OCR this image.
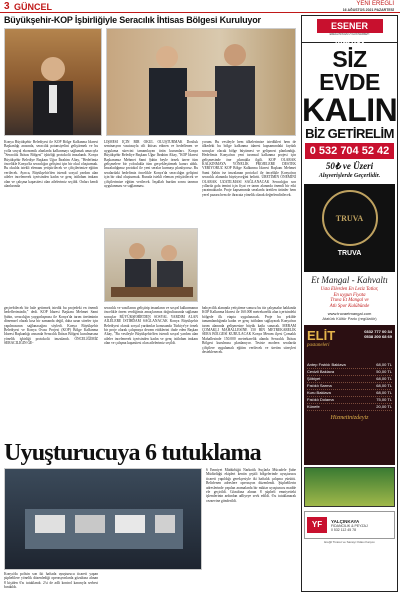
3 GÜNCEL	YENİ EREĞLİ
16 AĞUSTOS 2021 PAZARTESİ
Büyükşehir-KOP İşbirliğiyle Seracılık İhtisas Bölgesi Kuruluyor
Konya Büyükşehir Belediyesi ile KOP Bölge Kalkınma İdaresi Başkanlığı arasında, seracılık potansiyelini geliştirmek ve bu yolla sosyal ekonomik alanlarda kalkınmayı sağlamak amacıyla "Seracılık İhtisas Bölgesi" işbirliği protokolü imzalandı. Konya Büyükşehir Belediye Başkanı Uğur İbrahim Altay, "Hedefimiz öncelikle Konya'da seracılığın gelişimi için bir okul oluşturmak. Bu okulda istekli elemanı yetiştirilecek ve çiftçilerimize eğitim verilecek. Ayrıca, Büyükşehir'den istendi sosyal yardım alan aileler incelenerek içerisinden kadın ve genç istihdam imkanı olan ve çalışma kapasitesi olan ailelerimiz seçildi. Onları kendi alanlarında
LİŞMESİ İÇİN BİR OKUL OLUŞTURMAK Dostluk seminasyon vasıtasıyla cilt ihtisas edinen ve hedeflenen ve uygulama sürecini tamamlayan ürün kurumları. Konya Büyükşehir Belediye Başkanı Uğur İbrahim Altay, "KOP İdaresi Başkanımız Mehmet Sami Şahin beyle örnek üzere tüm gelişmelere bir yolculukla tüm gerçekleştirmek kararı aldık. İmzaladığımız protokol ile yeni seralar kurmayı planlıyoruz. Bu seralardaki hedefimiz öncelikle Konya'da seracılığın gelişimi için bir okul oluşturmak. Burada istekli eleman yetiştirilecek ve çiftçilerimize eğitim verilecek. İnşallah burdan sonra tarımın uygulanması ve sağlanması.
yorum. Bu vesileyle hem ülkelerimize istedikleri hem de ülkedeki bu bölge kalkınma idaresi kapsamındaki faydalı sonuçlar olacak bölge büyümesi ve gelişmesi planlandığı. Hedefimiz Konya'nın yeni tarımsal kalkınma projesi için gelişmesinde öne çıkmakla ilgili. KOP OLARAK KALKINMAYA YÖNELİK PROJELERE DESTEK VERİYORUZ KOP Bölge Kalkınma İdaresi Başkanı Mehmet Sami Şahin ise imzalanan protokol ile öncelikle Konya'nın seracılık alanında büyüyeceğini belirtti. ÜRETİMİN ÖNEMİNİ OLARAK UZATILMASI SAĞLANACAK Seracılığın son yıllarda gıda temini için fiyat ve tarım alanında önemli bir etki yaratmaktadır. Proje kapsamında seralarda üretilen ürünler hem yerel pazara hem de ihracata yönelik olarak değerlendirilecek.
geçirebilecek bir hale getirmek istedik bu projedeki en önemli hedeflerimizdir," dedi. KOP İdaresi Başkanı Mehmet Sami Şahin, seracılığın yaygınlaşması ile Konya'da tarım üretiminin dönemsel olarak kısa bir zamanda değil, daha uzun süreler için yapılmasının sağlanacağını söyledi. Konya Büyükşehir Belediyesi ve Konya Ovası Projesi (KOP) Bölge Kalkınma İdaresi Başkanlığı arasında Seracılık İhtisas Bölgesi kurulmasına yönelik işbirliği protokolü imzalandı. ÖNCELİĞİMİZ SERACILIĞIN GE-
seracılık ve vasıflarını geliştirip insanların ve sosyal kalkınmanın öncelikle önem verdiğimiz amaçlarımız doğrultusunda sağlanan sonuçlar BÜYÜKŞEHİR'DEN SOSYAL YARDIM ALAN AİLELERE İSTİHDAM SAĞLANACAK Konya Büyükşehir Belediyesi olarak sosyal yardımlar konusunda Türkiye'ye örnek bir proje olarak çalışmaya devam ettiklerini ifade eden Başkan Altay, "Bu vesileyle Büyükşehir'den istendi sosyal yardım alan aileler incelenerek içerisinden kadın ve genç istihdam imkanı olan ve çalışma kapasitesi olan ailelerimiz seçildi.
bahçecilik alanında yetiştirme sonucu bu tür çalışmalar hakkında KOP Kalkınma İdaresi ile 160.000 metrekarelik alan içerisindeki bölgede ilk etapta uygulanacak. Proje bu şekilde tamamlandığında kadın ve genç istihdam sağlayarak Konya'nın tarım alanında gelişmesine büyük katkı sunacak. MERAM ÇOMAKLI MAHALLESİNE 150 BİN METREKARELİK SERA BÖLGESİ KURULACAK Konya Meram ilçesi Çomaklı Mahallesinde 150.000 metrekarelik alanda Seracılık İhtisas Bölgesi kurulması planlanıyor. Tesiste modern seralarda çiftçilere uygulamalı eğitim verilecek ve üretim süreçleri desteklenecek.
Uyuşturucuya 6 tutuklama
Konya'da polisin son iki haftada uyuşturucu ticareti yapan şüphelilere yönelik düzenlediği operasyonlarda gözaltına alınan 8 kişiden 6'sı tutuklandı. 2'si de adli kontrol kararıyla serbest bırakıldı.
6 Emniyet Müdürlüğü Narkotik Suçlarla Mücadele Şube Müdürlüğü ekipleri kentin çeşitli bölgelerinde uyuşturucu ticareti yapıldığı gerekçesiyle iki haftalık çalışma yürüttü. Belirlenen adreslere operasyon düzenlendi. Şüphelilerin adreslerinde yapılan aramalarda bir miktar uyuşturucu madde ele geçirildi. Gözaltına alınan 8 şüpheli emniyetteki işlemlerinin ardından adliyeye sevk edildi. 6'sı tutuklanarak cezaevine gönderildi.
ESENER Market
EREĞLİ'NİN EN UYGUN MARKETİ
SİZ EVDE
KALIN
BİZ GETİRELİM
0 532 704 52 42
50₺ ve Üzeri
Alışverişlerde Geçerlidir.
TRUVA
TRUVA
Et Mangal - Kahvaltı
Usta Ellerden En Leziz Tatlar,
En uygun Fiyata
Truva Et Mangal ve
Atlı Spor Kulübünde
www.truvaetmangal.com
Atatürk Kültür Parkı (regülatör)
ELİT
pastaneleri
0332 777 00 34
0538 200 68 69
Antep Fıstıklı Baklava	68,00 TL
Cevizli Baklava	50,00 TL
Şöbiyet	68,00 TL
Fıstıklı Sarma	68,00 TL
Kuru Baklava	68,00 TL
Fıstıklı Dolama	75,00 TL
Künefe	20,00 TL
Hizmetinizdeyiz
YF	YALÇINKAYA
FİDANCILIK & PEYZAJ
0 532 112 45 78
Ereğli Ticaret ve Sanayi Odası Karşısı
